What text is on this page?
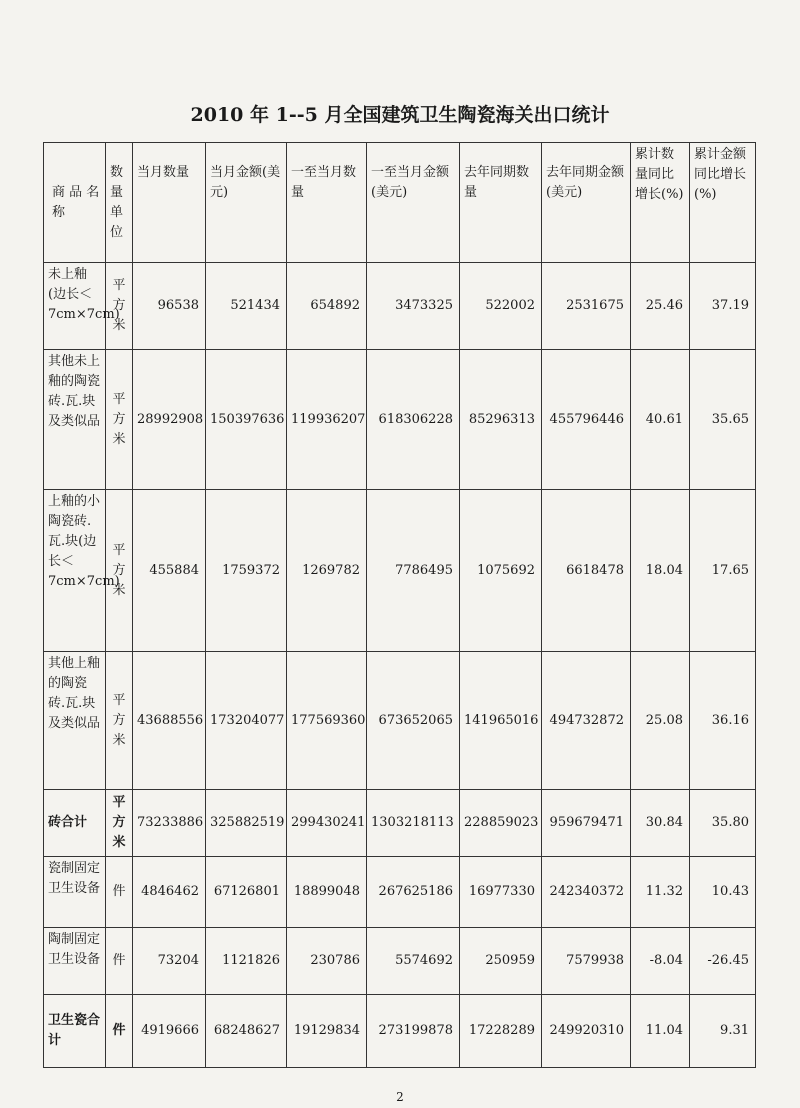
2010 年 1--5 月全国建筑卫生陶瓷海关出口统计
商 品 名 称	数量单位	当月数量	当月金额(美元)	一至当月数量	一至当月金额(美元)	去年同期数量	去年同期金额(美元)	累计数量同比增长(%)	累计金额同比增长(%)
未上釉(边长＜7cm×7cm)	平方米	96538	521434	654892	3473325	522002	2531675	25.46	37.19
其他未上釉的陶瓷砖.瓦.块及类似品	平方米	28992908	150397636	119936207	618306228	85296313	455796446	40.61	35.65
上釉的小陶瓷砖.瓦.块(边长＜7cm×7cm)	平方米	455884	1759372	1269782	7786495	1075692	6618478	18.04	17.65
其他上釉的陶瓷砖.瓦.块及类似品	平方米	43688556	173204077	177569360	673652065	141965016	494732872	25.08	36.16
砖合计	平方米	73233886	325882519	299430241	1303218113	228859023	959679471	30.84	35.80
瓷制固定卫生设备	件	4846462	67126801	18899048	267625186	16977330	242340372	11.32	10.43
陶制固定卫生设备	件	73204	1121826	230786	5574692	250959	7579938	-8.04	-26.45
卫生瓷合计	件	4919666	68248627	19129834	273199878	17228289	249920310	11.04	9.31
2
